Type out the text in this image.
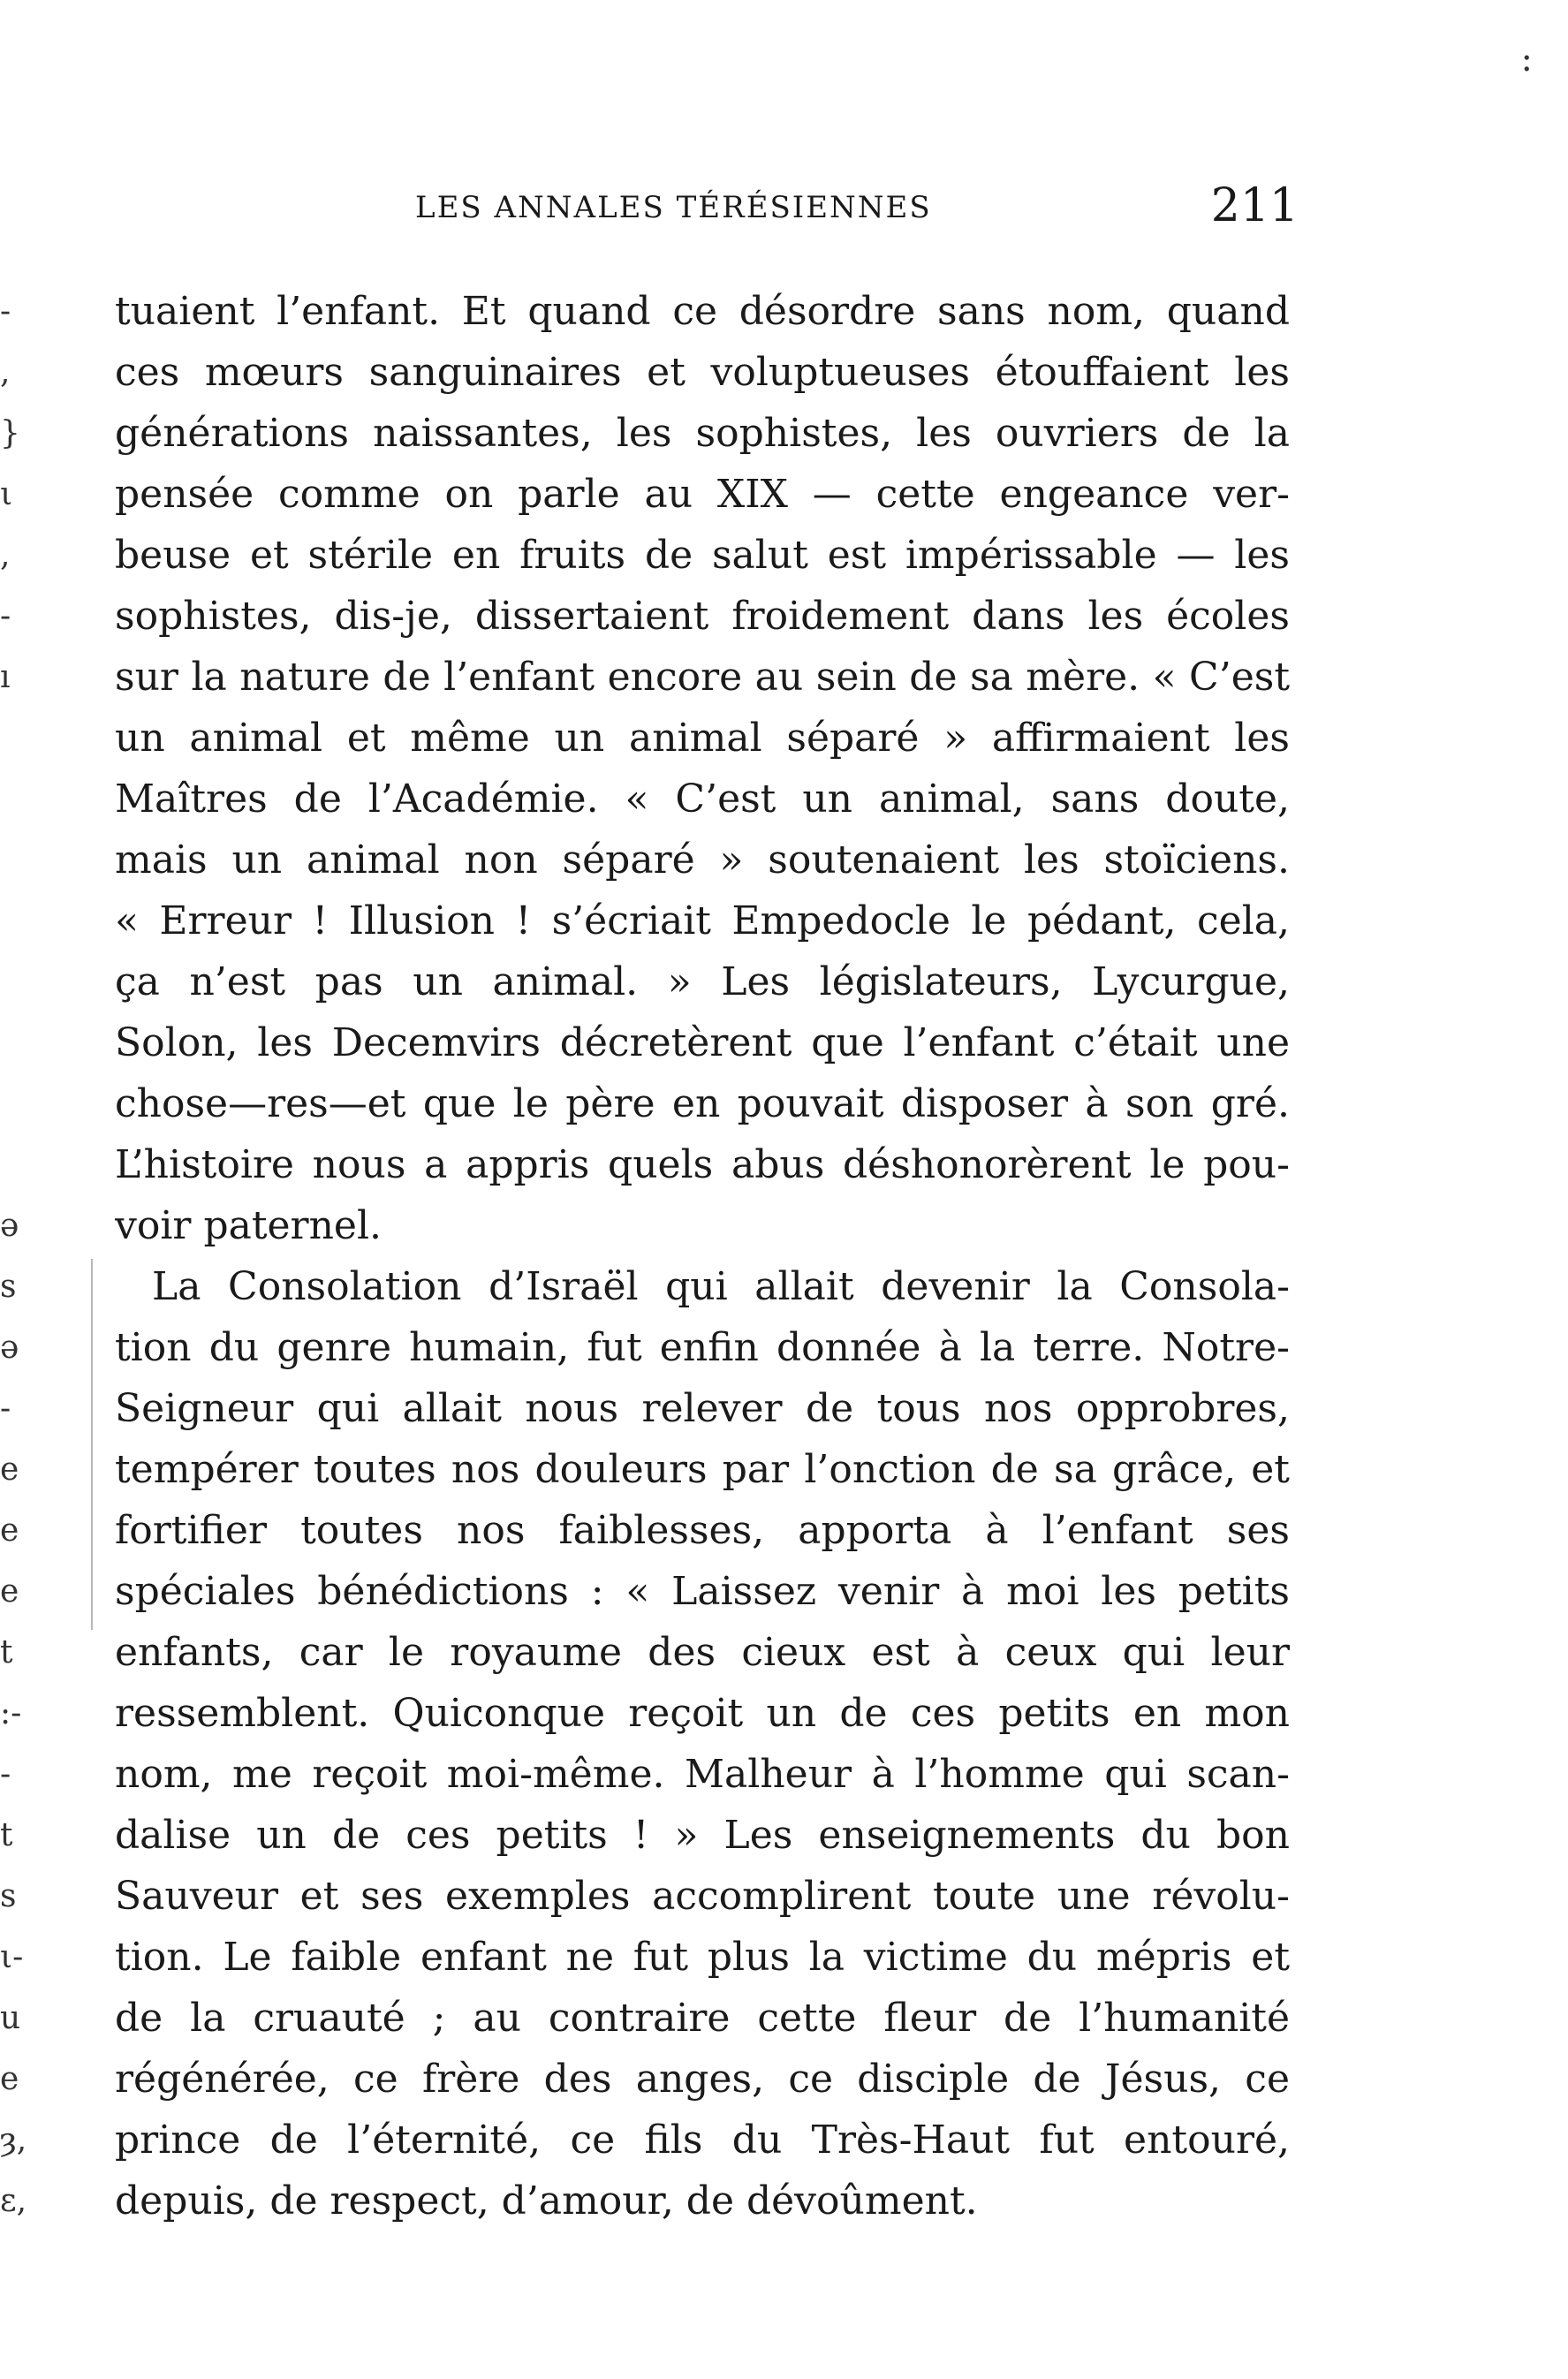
:
LES ANNALES TÉRÉSIENNES	211
-
,
}
ι
,
-
ı
ə
s
ə
-
e
e
e
t
:-
-
t
s
ι-
u
e
ȝ,
ɛ,
tuaient l’enfant. Et quand ce désordre sans nom, quand
ces mœurs sanguinaires et voluptueuses étouffaient les
générations naissantes, les sophistes, les ouvriers de la
pensée comme on parle au XIX — cette engeance ver-
beuse et stérile en fruits de salut est impérissable — les
sophistes, dis-je, dissertaient froidement dans les écoles
sur la nature de l’enfant encore au sein de sa mère. « C’est
un animal et même un animal séparé » affirmaient les
Maîtres de l’Académie. « C’est un animal, sans doute,
mais un animal non séparé » soutenaient les stoïciens.
« Erreur ! Illusion ! s’écriait Empedocle le pédant, cela,
ça n’est pas un animal. » Les législateurs, Lycurgue,
Solon, les Decemvirs décretèrent que l’enfant c’était une
chose—res—et que le père en pouvait disposer à son gré.
L’histoire nous a appris quels abus déshonorèrent le pou-
voir paternel.
La Consolation d’Israël qui allait devenir la Consola-
tion du genre humain, fut enfin donnée à la terre. Notre-
Seigneur qui allait nous relever de tous nos opprobres,
tempérer toutes nos douleurs par l’onction de sa grâce, et
fortifier toutes nos faiblesses, apporta à l’enfant ses
spéciales bénédictions : « Laissez venir à moi les petits
enfants, car le royaume des cieux est à ceux qui leur
ressemblent. Quiconque reçoit un de ces petits en mon
nom, me reçoit moi-même. Malheur à l’homme qui scan-
dalise un de ces petits ! » Les enseignements du bon
Sauveur et ses exemples accomplirent toute une révolu-
tion. Le faible enfant ne fut plus la victime du mépris et
de la cruauté ; au contraire cette fleur de l’humanité
régénérée, ce frère des anges, ce disciple de Jésus, ce
prince de l’éternité, ce fils du Très-Haut fut entouré,
depuis, de respect, d’amour, de dévoûment.
